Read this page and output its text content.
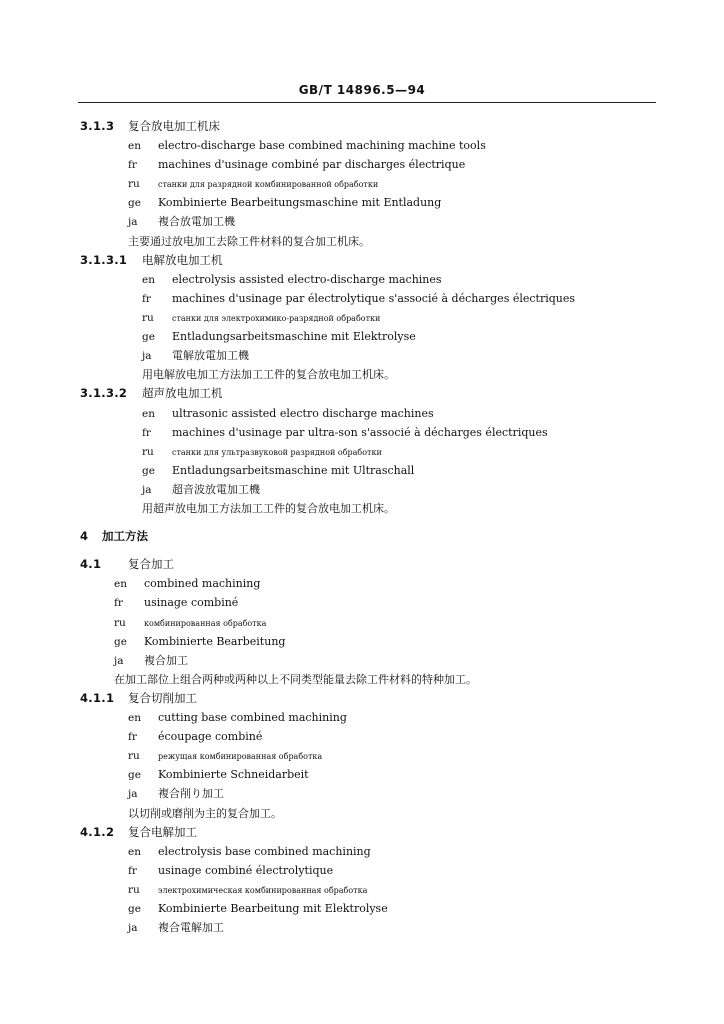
GB/T 14896.5—94
3.1.3 复合放电加工机床
en electro-discharge base combined machining machine tools
fr machines d'usinage combiné par discharges électrique
ru станки для разрядной комбинированной обработки
ge Kombinierte Bearbeitungsmaschine mit Entladung
ja 複合放電加工機
主要通过放电加工去除工件材料的复合加工机床。
3.1.3.1 电解放电加工机
en electrolysis assisted electro-discharge machines
fr machines d'usinage par électrolytique s'associé à décharges électriques
ru станки для электрохимико-разрядной обработки
ge Entladungsarbeitsmaschine mit Elektrolyse
ja 電解放電加工機
用电解放电加工方法加工工件的复合放电加工机床。
3.1.3.2 超声放电加工机
en ultrasonic assisted electro discharge machines
fr machines d'usinage par ultra-son s'associé à décharges électriques
ru станки для ультразвуковой разрядной обработки
ge Entladungsarbeitsmaschine mit Ultraschall
ja 超音波放電加工機
用超声放电加工方法加工工件的复合放电加工机床。
4 加工方法
4.1 复合加工
en combined machining
fr usinage combiné
ru комбинированная обработка
ge Kombinierte Bearbeitung
ja 複合加工
在加工部位上组合两种或两种以上不同类型能量去除工件材料的特种加工。
4.1.1 复合切削加工
en cutting base combined machining
fr écoupage combiné
ru режущая комбинированная обработка
ge Kombinierte Schneidarbeit
ja 複合削り加工
以切削或磨削为主的复合加工。
4.1.2 复合电解加工
en electrolysis base combined machining
fr usinage combiné électrolytique
ru электрохимическая комбинированная обработка
ge Kombinierte Bearbeitung mit Elektrolyse
ja 複合電解加工
